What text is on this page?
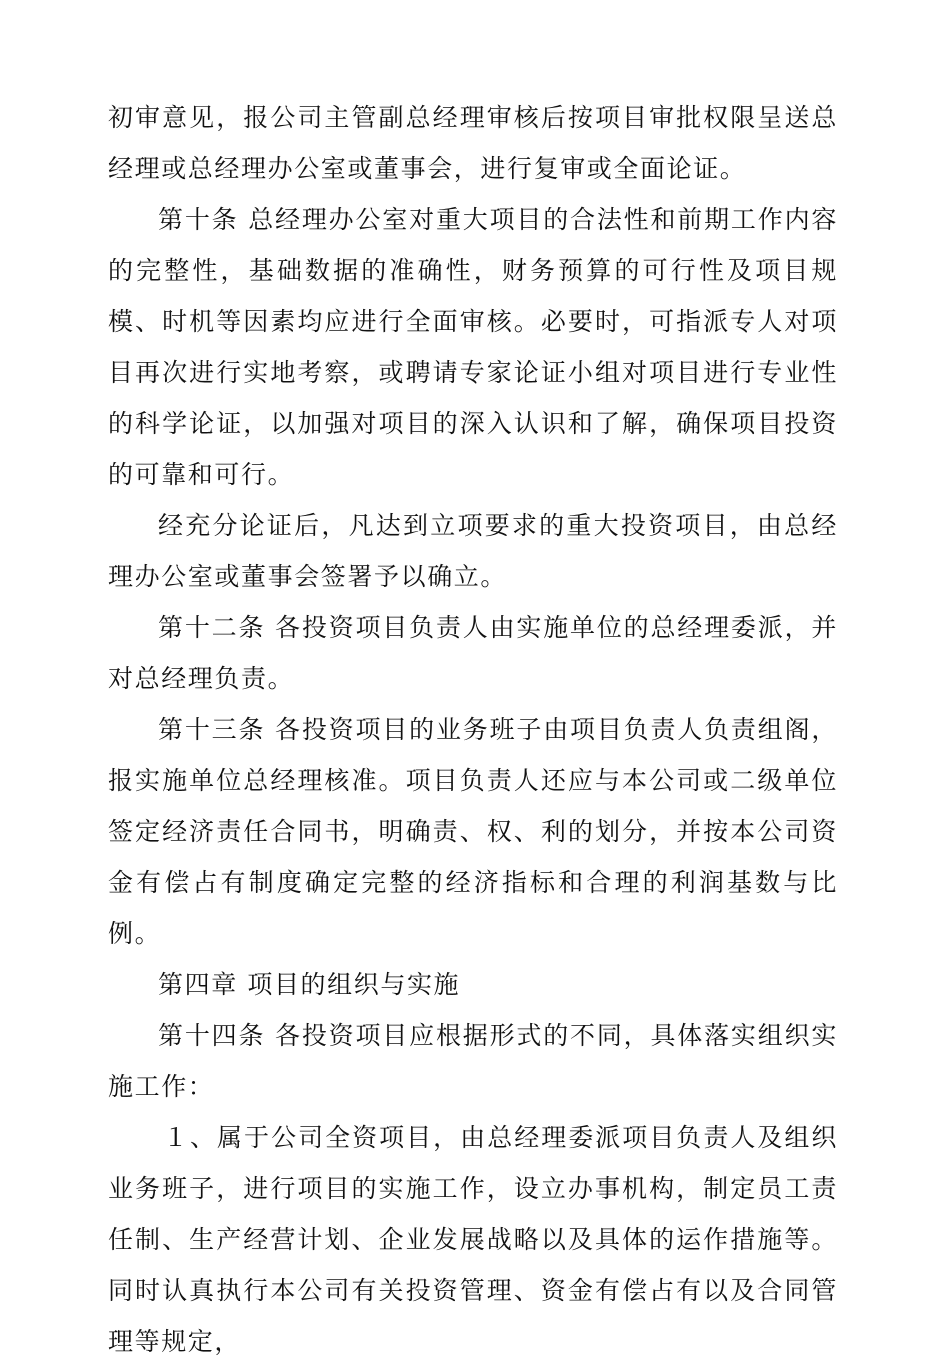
初审意见，报公司主管副总经理审核后按项目审批权限呈送总经理或总经理办公室或董事会，进行复审或全面论证。

第十条 总经理办公室对重大项目的合法性和前期工作内容的完整性，基础数据的准确性，财务预算的可行性及项目规模、时机等因素均应进行全面审核。必要时，可指派专人对项目再次进行实地考察，或聘请专家论证小组对项目进行专业性的科学论证，以加强对项目的深入认识和了解，确保项目投资的可靠和可行。

经充分论证后，凡达到立项要求的重大投资项目，由总经理办公室或董事会签署予以确立。

第十二条 各投资项目负责人由实施单位的总经理委派，并对总经理负责。

第十三条 各投资项目的业务班子由项目负责人负责组阁，报实施单位总经理核准。项目负责人还应与本公司或二级单位签定经济责任合同书，明确责、权、利的划分，并按本公司资金有偿占有制度确定完整的经济指标和合理的利润基数与比例。

第四章 项目的组织与实施

第十四条 各投资项目应根据形式的不同，具体落实组织实施工作：

１、属于公司全资项目，由总经理委派项目负责人及组织业务班子，进行项目的实施工作，设立办事机构，制定员工责任制、生产经营计划、企业发展战略以及具体的运作措施等。同时认真执行本公司有关投资管理、资金有偿占有以及合同管理等规定，
